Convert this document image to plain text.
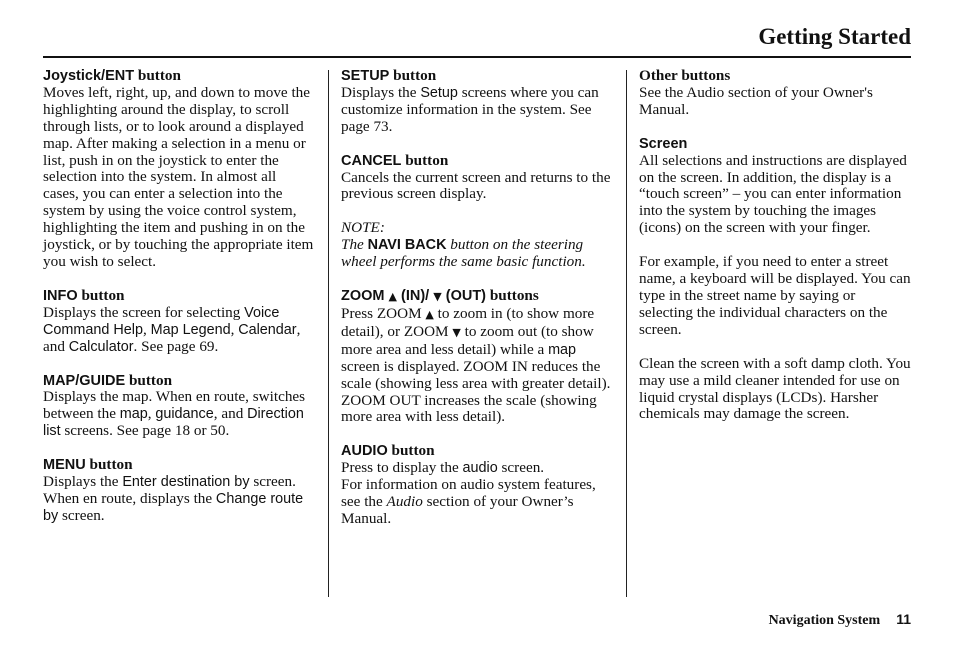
Getting Started

Joystick/ENT button

Moves left, right, up, and down to move the highlighting around the display, to scroll through lists, or to look around a displayed map. After making a selection in a menu or list, push in on the joystick to enter the selection into the system. In almost all cases, you can enter a selection into the system by using the voice control system, highlighting the item and pushing in on the joystick, or by touching the appropriate item you wish to select.

INFO button

Displays the screen for selecting Voice Command Help, Map Legend, Calendar, and Calculator. See page 69.

MAP/GUIDE button

Displays the map. When en route, switches between the map, guidance, and Direction list screens. See page 18 or 50.

MENU button

Displays the Enter destination by screen. When en route, displays the Change route by screen.

SETUP button

Displays the Setup screens where you can customize information in the system. See page 73.

CANCEL button

Cancels the current screen and returns to the previous screen display.

NOTE:

The NAVI BACK button on the steering wheel performs the same basic function.

ZOOM ▲ (IN)/ ▼ (OUT) buttons

Press ZOOM ▲ to zoom in (to show more detail), or ZOOM ▼ to zoom out (to show more area and less detail) while a map screen is displayed. ZOOM IN reduces the scale (showing less area with greater detail). ZOOM OUT increases the scale (showing more area with less detail).

AUDIO button

Press to display the audio screen.

For information on audio system features, see the Audio section of your Owner’s Manual.

Other buttons

See the Audio section of your Owner's Manual.

Screen

All selections and instructions are displayed on the screen. In addition, the display is a “touch screen” – you can enter information into the system by touching the images (icons) on the screen with your finger.

For example, if you need to enter a street name, a keyboard will be displayed. You can type in the street name by saying or selecting the individual characters on the screen.

Clean the screen with a soft damp cloth. You may use a mild cleaner intended for use on liquid crystal displays (LCDs). Harsher chemicals may damage the screen.

Navigation System 11
